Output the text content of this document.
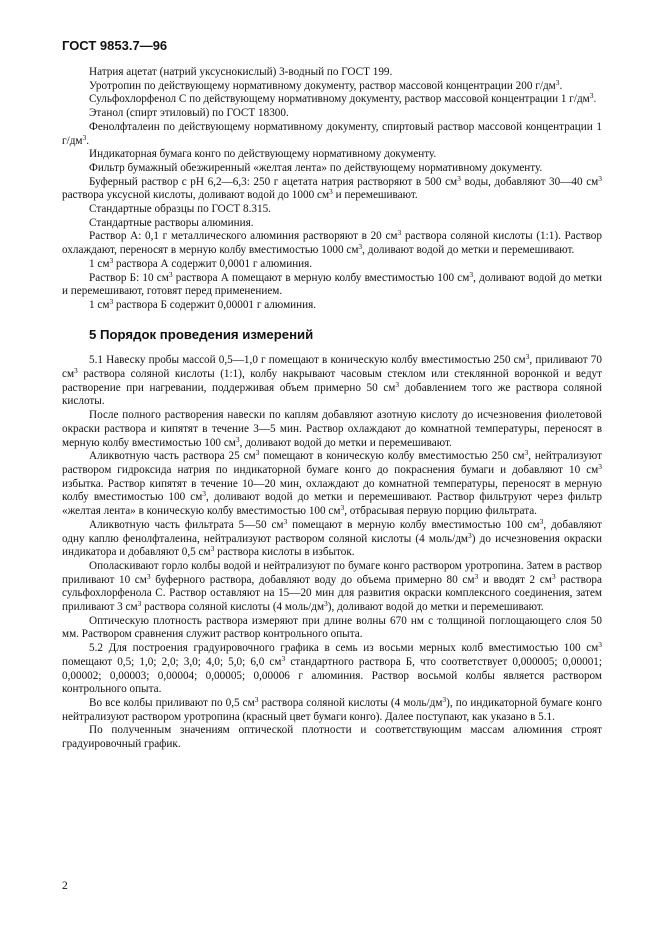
ГОСТ 9853.7—96

Натрия ацетат (натрий уксуснокислый) 3-водный по ГОСТ 199.

Уротропин по действующему нормативному документу, раствор массовой концентрации 200 $г/дм^3$.

Сульфохлорфенол С по действующему нормативному документу, раствор массовой концентрации 1 $г/дм^3$.

Этанол (спирт этиловый) по ГОСТ 18300.

Фенолфталеин по действующему нормативному документу, спиртовый раствор массовой концентрации 1 $г/дм^3$.

Индикаторная бумага конго по действующему нормативному документу.

Фильтр бумажный обезжиренный «желтая лента» по действующему нормативному документу.

Буферный раствор с рН 6,2—6,3: 250 г ацетата натрия растворяют в 500 $см^3$ воды, добавляют 30—40 $см^3$ раствора уксусной кислоты, доливают водой до 1000 $см^3$ и перемешивают.

Стандартные образцы по ГОСТ 8.315.

Стандартные растворы алюминия.

Раствор А: 0,1 г металлического алюминия растворяют в 20 $см^3$ раствора соляной кислоты (1:1). Раствор охлаждают, переносят в мерную колбу вместимостью 1000 $см^3$, доливают водой до метки и перемешивают.

1 $см^3$ раствора А содержит 0,0001 г алюминия.

Раствор Б: 10 $см^3$ раствора А помещают в мерную колбу вместимостью 100 $см^3$, доливают водой до метки и перемешивают, готовят перед применением.

1 $см^3$ раствора Б содержит 0,00001 г алюминия.

5 Порядок проведения измерений

5.1 Навеску пробы массой 0,5—1,0 г помещают в коническую колбу вместимостью 250 $см^3$, приливают 70 $см^3$ раствора соляной кислоты (1:1), колбу накрывают часовым стеклом или стеклянной воронкой и ведут растворение при нагревании, поддерживая объем примерно 50 $см^3$ добавлением того же раствора соляной кислоты.

После полного растворения навески по каплям добавляют азотную кислоту до исчезновения фиолетовой окраски раствора и кипятят в течение 3—5 мин. Раствор охлаждают до комнатной температуры, переносят в мерную колбу вместимостью 100 $см^3$, доливают водой до метки и перемешивают.

Аликвотную часть раствора 25 $см^3$ помещают в коническую колбу вместимостью 250 $см^3$, нейтрализуют раствором гидроксида натрия по индикаторной бумаге конго до покраснения бумаги и добавляют 10 $см^3$ избытка. Раствор кипятят в течение 10—20 мин, охлаждают до комнатной температуры, переносят в мерную колбу вместимостью 100 $см^3$, доливают водой до метки и перемешивают. Раствор фильтруют через фильтр «желтая лента» в коническую колбу вместимостью 100 $см^3$, отбрасывая первую порцию фильтрата.

Аликвотную часть фильтрата 5—50 $см^3$ помещают в мерную колбу вместимостью 100 $см^3$, добавляют одну каплю фенолфталеина, нейтрализуют раствором соляной кислоты (4 моль/$дм^3$) до исчезновения окраски индикатора и добавляют 0,5 $см^3$ раствора кислоты в избыток.

Ополаскивают горло колбы водой и нейтрализуют по бумаге конго раствором уротропина. Затем в раствор приливают 10 $см^3$ буферного раствора, добавляют воду до объема примерно 80 $см^3$ и вводят 2 $см^3$ раствора сульфохлорфенола С. Раствор оставляют на 15—20 мин для развития окраски комплексного соединения, затем приливают 3 $см^3$ раствора соляной кислоты (4 моль/$дм^3$), доливают водой до метки и перемешивают.

Оптическую плотность раствора измеряют при длине волны 670 нм с толщиной поглощающего слоя 50 мм. Раствором сравнения служит раствор контрольного опыта.

5.2 Для построения градуировочного графика в семь из восьми мерных колб вместимостью 100 $см^3$ помещают 0,5; 1,0; 2,0; 3,0; 4,0; 5,0; 6,0 $см^3$ стандартного раствора Б, что соответствует 0,000005; 0,00001; 0,00002; 0,00003; 0,00004; 0,00005; 0,00006 г алюминия. Раствор восьмой колбы является раствором контрольного опыта.

Во все колбы приливают по 0,5 $см^3$ раствора соляной кислоты (4 моль/$дм^3$), по индикаторной бумаге конго нейтрализуют раствором уротропина (красный цвет бумаги конго). Далее поступают, как указано в 5.1.

По полученным значениям оптической плотности и соответствующим массам алюминия строят градуировочный график.

2
